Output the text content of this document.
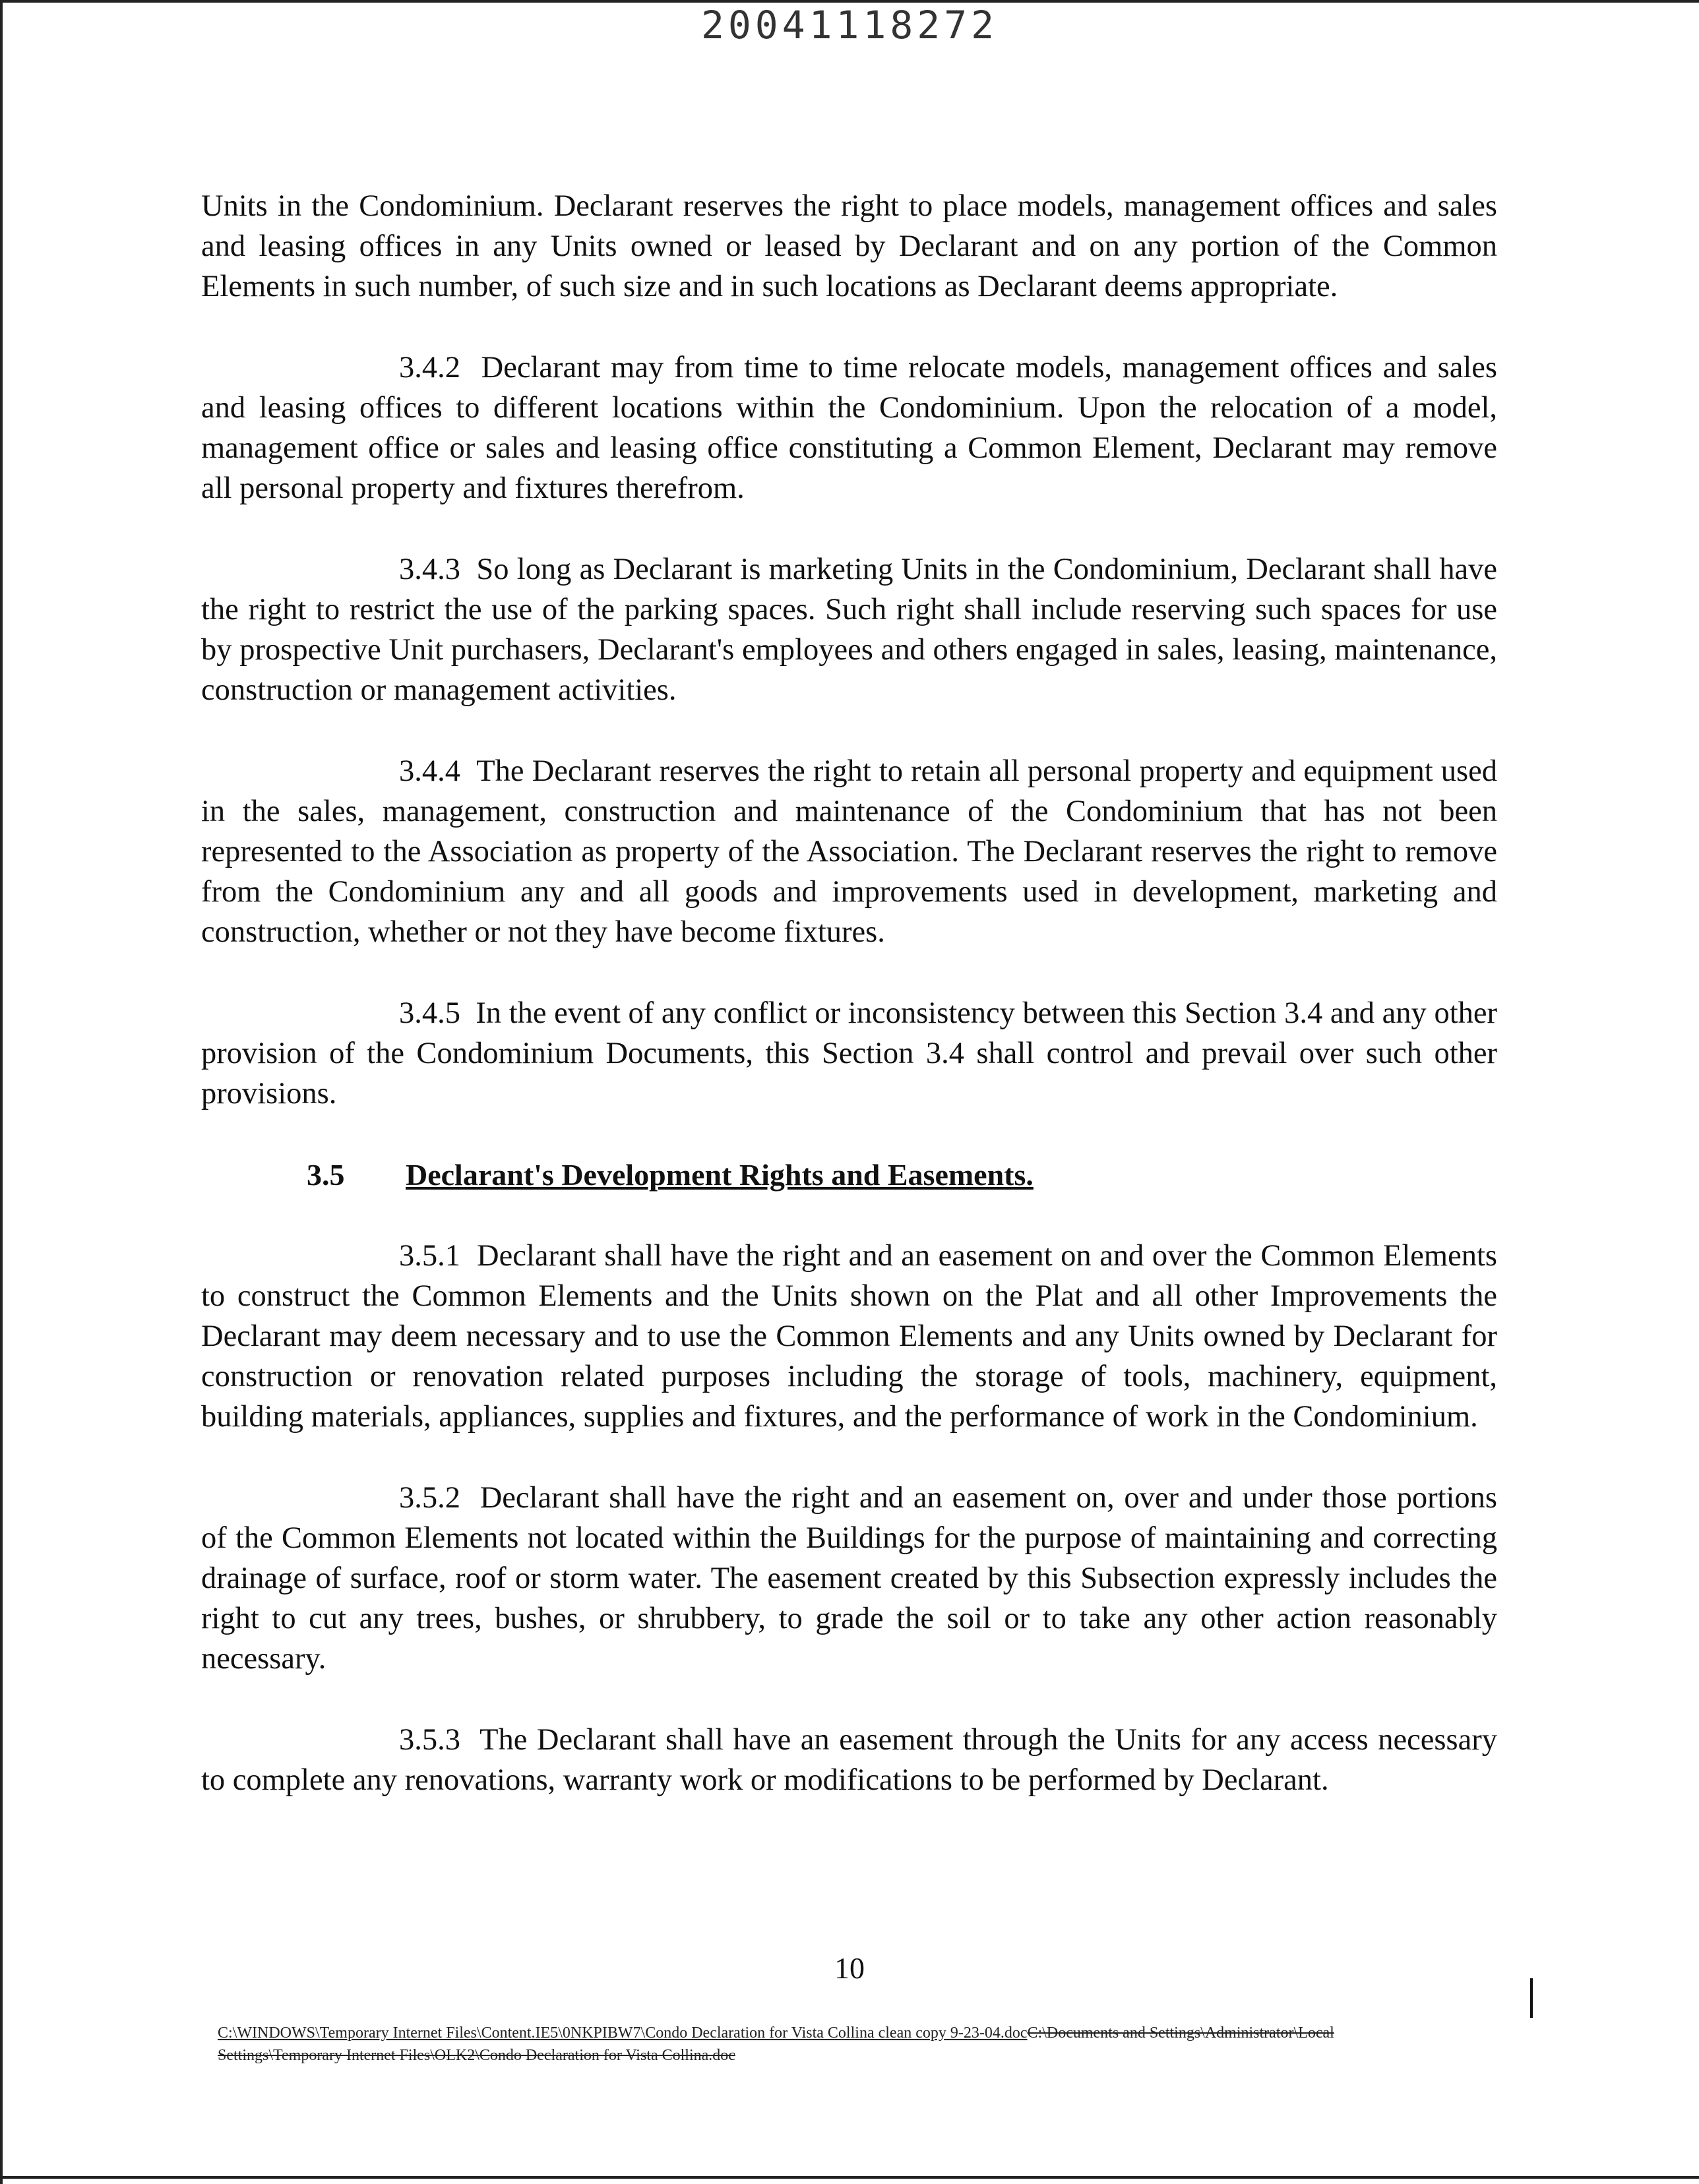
20041118272

Units in the Condominium. Declarant reserves the right to place models, management offices and sales and leasing offices in any Units owned or leased by Declarant and on any portion of the Common Elements in such number, of such size and in such locations as Declarant deems appropriate.

3.4.2 Declarant may from time to time relocate models, management offices and sales and leasing offices to different locations within the Condominium. Upon the relocation of a model, management office or sales and leasing office constituting a Common Element, Declarant may remove all personal property and fixtures therefrom.

3.4.3 So long as Declarant is marketing Units in the Condominium, Declarant shall have the right to restrict the use of the parking spaces. Such right shall include reserving such spaces for use by prospective Unit purchasers, Declarant's employees and others engaged in sales, leasing, maintenance, construction or management activities.

3.4.4 The Declarant reserves the right to retain all personal property and equipment used in the sales, management, construction and maintenance of the Condominium that has not been represented to the Association as property of the Association. The Declarant reserves the right to remove from the Condominium any and all goods and improvements used in development, marketing and construction, whether or not they have become fixtures.

3.4.5 In the event of any conflict or inconsistency between this Section 3.4 and any other provision of the Condominium Documents, this Section 3.4 shall control and prevail over such other provisions.

3.5 Declarant's Development Rights and Easements.

3.5.1 Declarant shall have the right and an easement on and over the Common Elements to construct the Common Elements and the Units shown on the Plat and all other Improvements the Declarant may deem necessary and to use the Common Elements and any Units owned by Declarant for construction or renovation related purposes including the storage of tools, machinery, equipment, building materials, appliances, supplies and fixtures, and the performance of work in the Condominium.

3.5.2 Declarant shall have the right and an easement on, over and under those portions of the Common Elements not located within the Buildings for the purpose of maintaining and correcting drainage of surface, roof or storm water. The easement created by this Subsection expressly includes the right to cut any trees, bushes, or shrubbery, to grade the soil or to take any other action reasonably necessary.

3.5.3 The Declarant shall have an easement through the Units for any access necessary to complete any renovations, warranty work or modifications to be performed by Declarant.

10
C:\WINDOWS\Temporary Internet Files\Content.IE5\0NKPIBW7\Condo Declaration for Vista Collina clean copy 9-23-04.docC:\Documents and Settings\Administrator\Local Settings\Temporary Internet Files\OLK2\Condo Declaration for Vista Collina.doc
